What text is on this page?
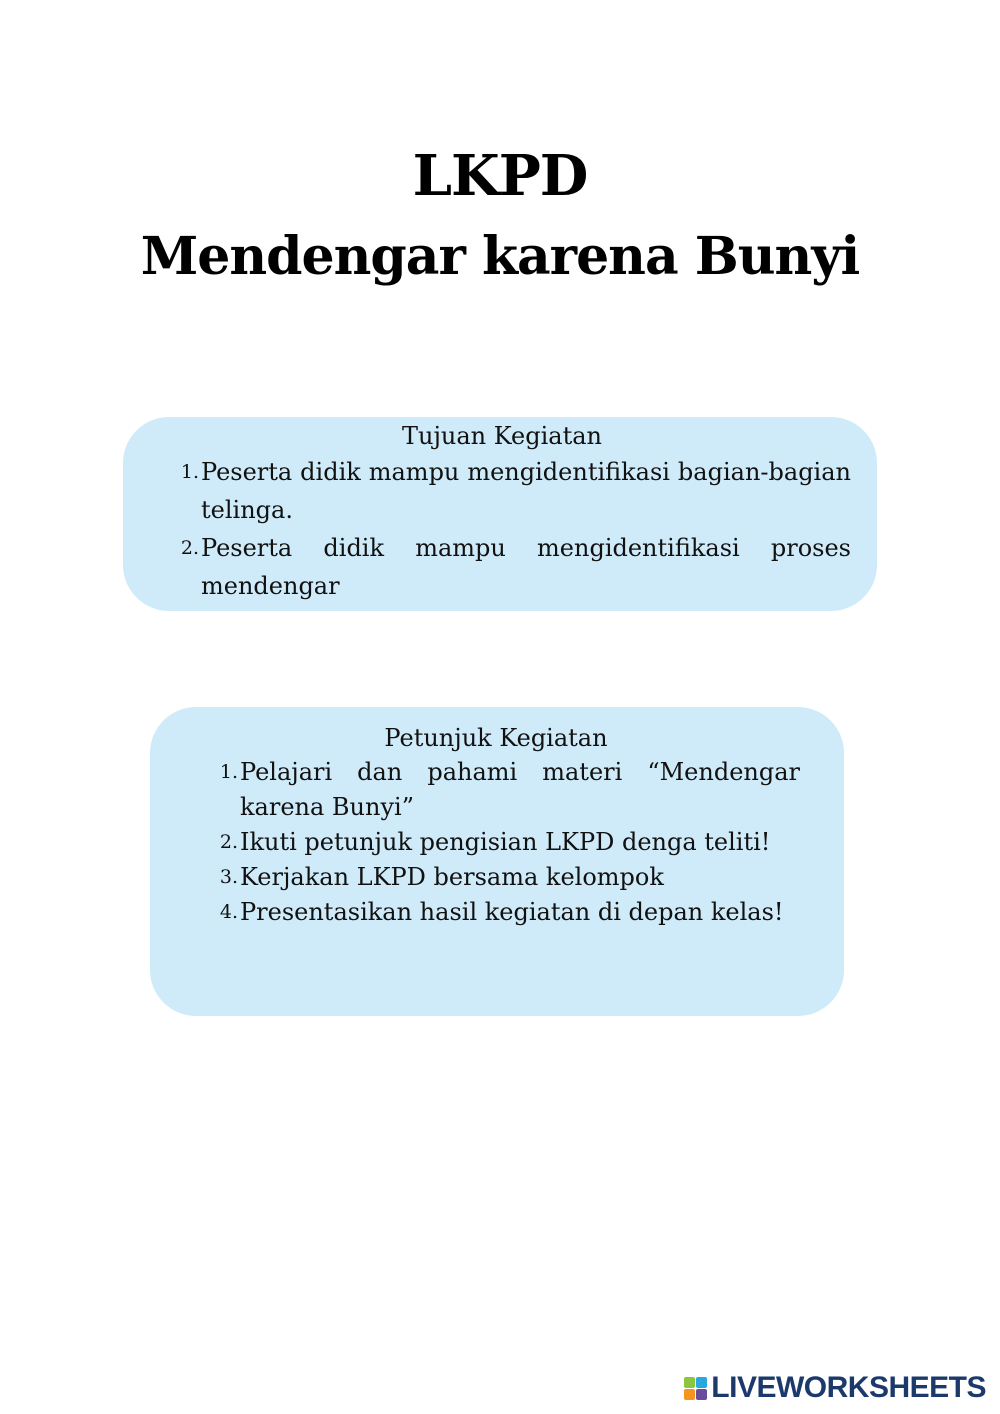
LKPD
Mendengar karena Bunyi
Tujuan Kegiatan
1. Peserta didik mampu mengidentifikasi bagian-bagian telinga.
2. Peserta didik mampu mengidentifikasi proses mendengar
Petunjuk Kegiatan
1. Pelajari dan pahami materi “Mendengar karena Bunyi”
2. Ikuti petunjuk pengisian LKPD denga teliti!
3. Kerjakan LKPD bersama kelompok
4. Presentasikan hasil kegiatan di depan kelas!
LIVEWORKSHEETS
